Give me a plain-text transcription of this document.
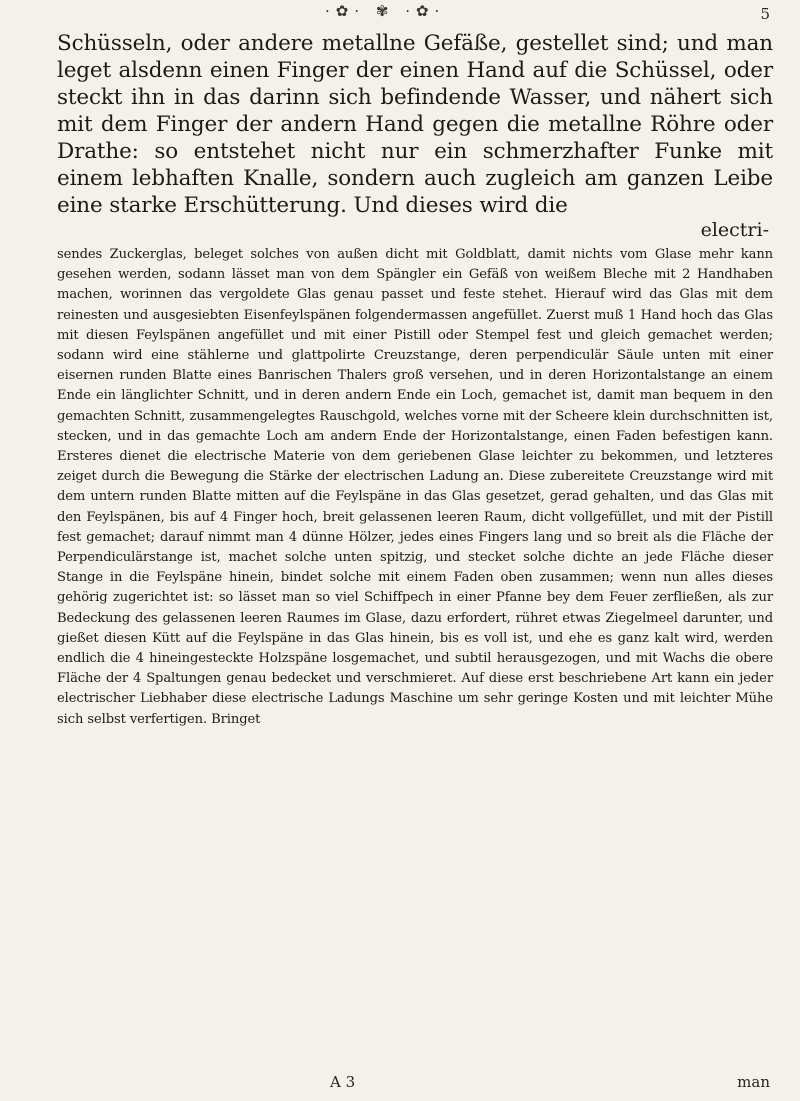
·✿· ✾ ·✿·	5

Schüsseln, oder andere metallne Gefäße, gestellet sind; und man leget alsdenn einen Finger der einen Hand auf die Schüssel, oder steckt ihn in das darinn sich befindende Wasser, und nähert sich mit dem Finger der andern Hand gegen die metallne Röhre oder Drathe: so entstehet nicht nur ein schmerzhafter Funke mit einem lebhaften Knalle, sondern auch zugleich am ganzen Leibe eine starke Erschütterung. Und dieses wird die

electri-

sendes Zuckerglas, beleget solches von außen dicht mit Goldblatt, damit nichts vom Glase mehr kann gesehen werden, sodann lässet man von dem Spängler ein Gefäß von weißem Bleche mit 2 Handhaben machen, worinnen das vergoldete Glas genau passet und feste stehet. Hierauf wird das Glas mit dem reinesten und ausgesiebten Eisenfeylspänen folgendermassen angefüllet. Zuerst muß 1 Hand hoch das Glas mit diesen Feylspänen angefüllet und mit einer Pistill oder Stempel fest und gleich gemachet werden; sodann wird eine stählerne und glattpolirte Creuzstange, deren perpendiculär Säule unten mit einer eisernen runden Blatte eines Banrischen Thalers groß versehen, und in deren Horizontalstange an einem Ende ein länglichter Schnitt, und in deren andern Ende ein Loch, gemachet ist, damit man bequem in den gemachten Schnitt, zusammengelegtes Rauschgold, welches vorne mit der Scheere klein durchschnitten ist, stecken, und in das gemachte Loch am andern Ende der Horizontalstange, einen Faden befestigen kann. Ersteres dienet die electrische Materie von dem geriebenen Glase leichter zu bekommen, und letzteres zeiget durch die Bewegung die Stärke der electrischen Ladung an. Diese zubereitete Creuzstange wird mit dem untern runden Blatte mitten auf die Feylspäne in das Glas gesetzet, gerad gehalten, und das Glas mit den Feylspänen, bis auf 4 Finger hoch, breit gelassenen leeren Raum, dicht vollgefüllet, und mit der Pistill fest gemachet; darauf nimmt man 4 dünne Hölzer, jedes eines Fingers lang und so breit als die Fläche der Perpendiculärstange ist, machet solche unten spitzig, und stecket solche dichte an jede Fläche dieser Stange in die Feylspäne hinein, bindet solche mit einem Faden oben zusammen; wenn nun alles dieses gehörig zugerichtet ist: so lässet man so viel Schiffpech in einer Pfanne bey dem Feuer zerfließen, als zur Bedeckung des gelassenen leeren Raumes im Glase, dazu erfordert, rühret etwas Ziegelmeel darunter, und gießet diesen Kütt auf die Feylspäne in das Glas hinein, bis es voll ist, und ehe es ganz kalt wird, werden endlich die 4 hineingesteckte Holzspäne losgemachet, und subtil herausgezogen, und mit Wachs die obere Fläche der 4 Spaltungen genau bedecket und verschmieret. Auf diese erst beschriebene Art kann ein jeder electrischer Liebhaber diese electrische Ladungs Maschine um sehr geringe Kosten und mit leichter Mühe sich selbst verfertigen. Bringet

A 3	man
